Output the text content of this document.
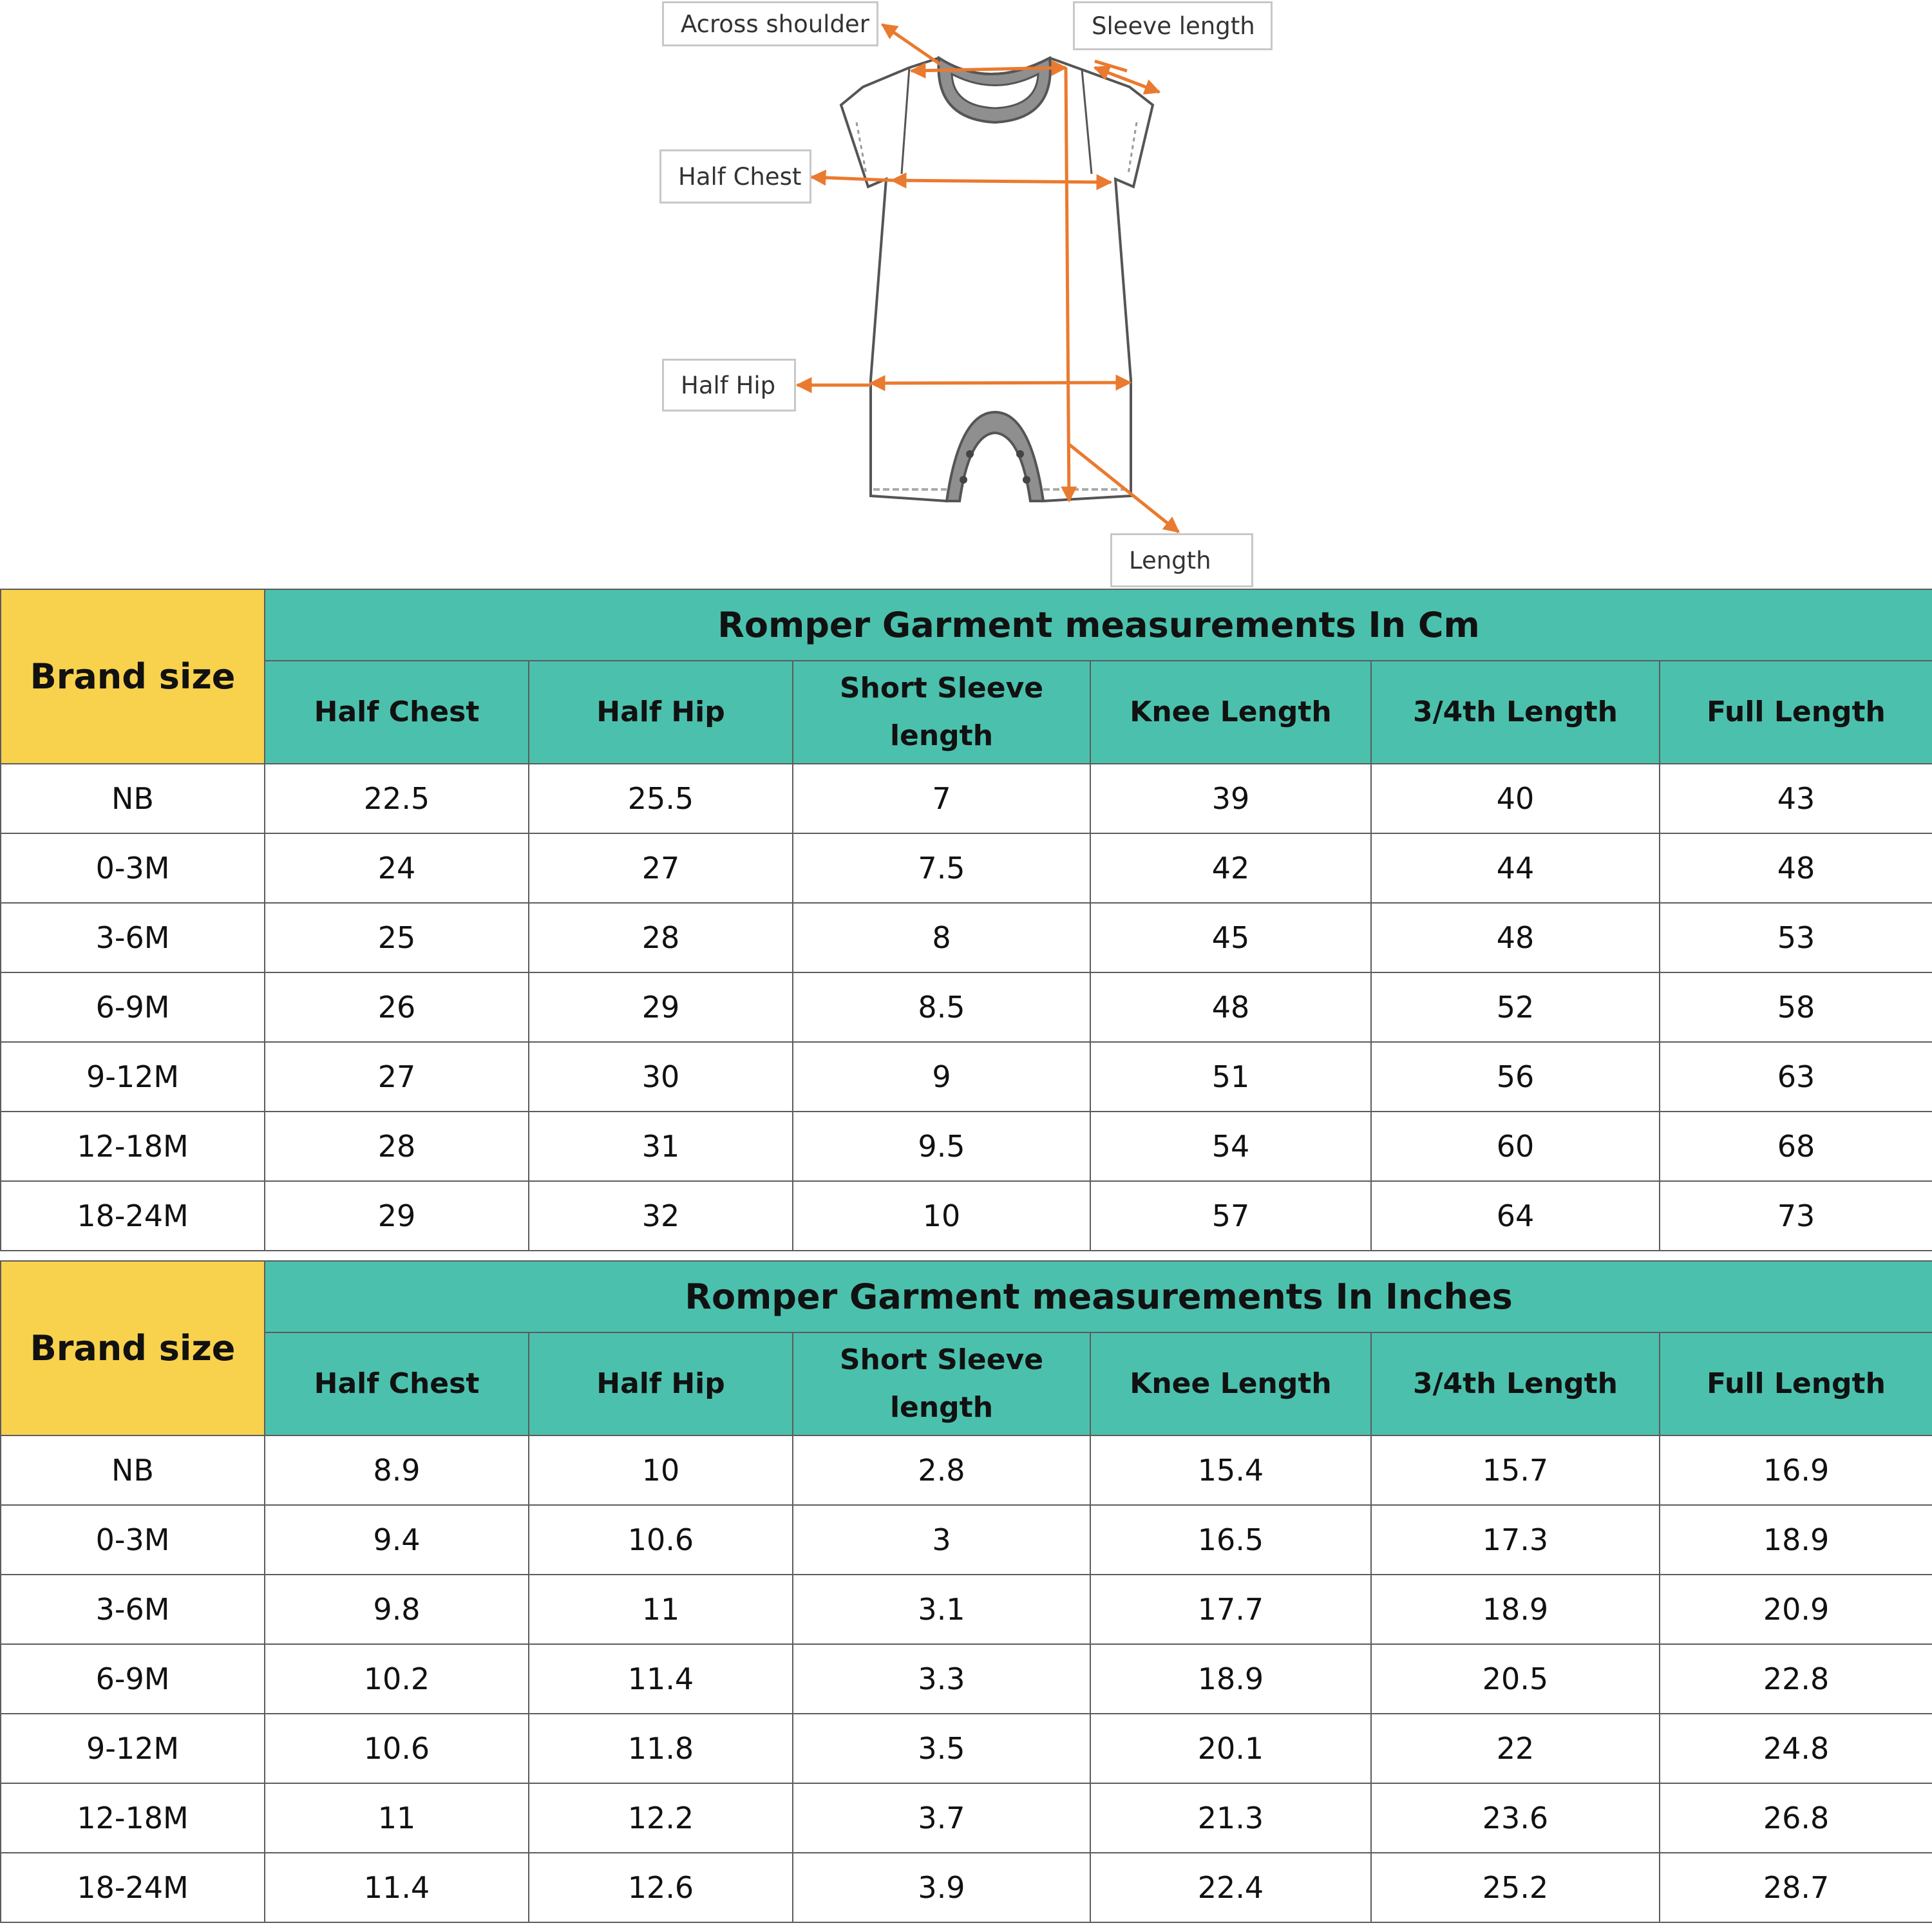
Across shoulder	Sleeve length
Half Chest
Half Hip
Length
Brand size	Romper Garment measurements In Cm					
	Half Chest	Half Hip	Short Sleeve length	Knee Length	3/4th Length	Full Length
NB	22.5	25.5	7	39	40	43
0-3M	24	27	7.5	42	44	48
3-6M	25	28	8	45	48	53
6-9M	26	29	8.5	48	52	58
9-12M	27	30	9	51	56	63
12-18M	28	31	9.5	54	60	68
18-24M	29	32	10	57	64	73
Brand size	Romper Garment measurements In Inches					
	Half Chest	Half Hip	Short Sleeve length	Knee Length	3/4th Length	Full Length
NB	8.9	10	2.8	15.4	15.7	16.9
0-3M	9.4	10.6	3	16.5	17.3	18.9
3-6M	9.8	11	3.1	17.7	18.9	20.9
6-9M	10.2	11.4	3.3	18.9	20.5	22.8
9-12M	10.6	11.8	3.5	20.1	22	24.8
12-18M	11	12.2	3.7	21.3	23.6	26.8
18-24M	11.4	12.6	3.9	22.4	25.2	28.7
